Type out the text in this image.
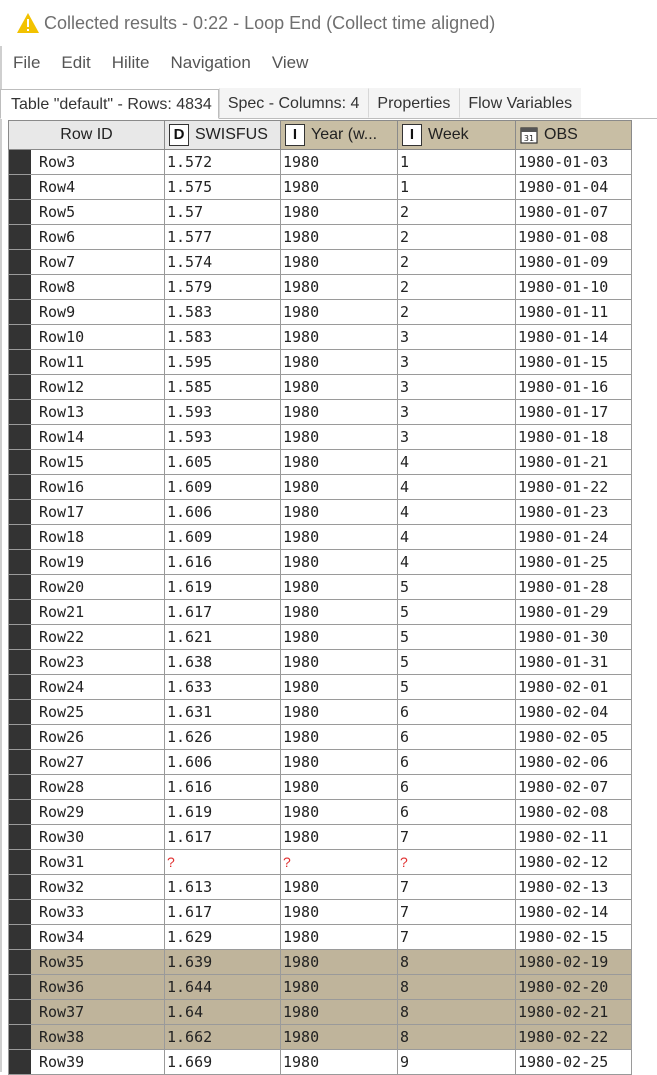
Collected results - 0:22 - Loop End (Collect time aligned)
File Edit Hilite Navigation View
Table "default" - Rows: 4834	Spec - Columns: 4	Properties	Flow Variables
Row ID	D SWISFUS	I Year (w...	I Week	31 OBS
Row3	1.572	1980	1	1980-01-03
Row4	1.575	1980	1	1980-01-04
Row5	1.57	1980	2	1980-01-07
Row6	1.577	1980	2	1980-01-08
Row7	1.574	1980	2	1980-01-09
Row8	1.579	1980	2	1980-01-10
Row9	1.583	1980	2	1980-01-11
Row10	1.583	1980	3	1980-01-14
Row11	1.595	1980	3	1980-01-15
Row12	1.585	1980	3	1980-01-16
Row13	1.593	1980	3	1980-01-17
Row14	1.593	1980	3	1980-01-18
Row15	1.605	1980	4	1980-01-21
Row16	1.609	1980	4	1980-01-22
Row17	1.606	1980	4	1980-01-23
Row18	1.609	1980	4	1980-01-24
Row19	1.616	1980	4	1980-01-25
Row20	1.619	1980	5	1980-01-28
Row21	1.617	1980	5	1980-01-29
Row22	1.621	1980	5	1980-01-30
Row23	1.638	1980	5	1980-01-31
Row24	1.633	1980	5	1980-02-01
Row25	1.631	1980	6	1980-02-04
Row26	1.626	1980	6	1980-02-05
Row27	1.606	1980	6	1980-02-06
Row28	1.616	1980	6	1980-02-07
Row29	1.619	1980	6	1980-02-08
Row30	1.617	1980	7	1980-02-11
Row31	?	?	?	1980-02-12
Row32	1.613	1980	7	1980-02-13
Row33	1.617	1980	7	1980-02-14
Row34	1.629	1980	7	1980-02-15
Row35	1.639	1980	8	1980-02-19
Row36	1.644	1980	8	1980-02-20
Row37	1.64	1980	8	1980-02-21
Row38	1.662	1980	8	1980-02-22
Row39	1.669	1980	9	1980-02-25
